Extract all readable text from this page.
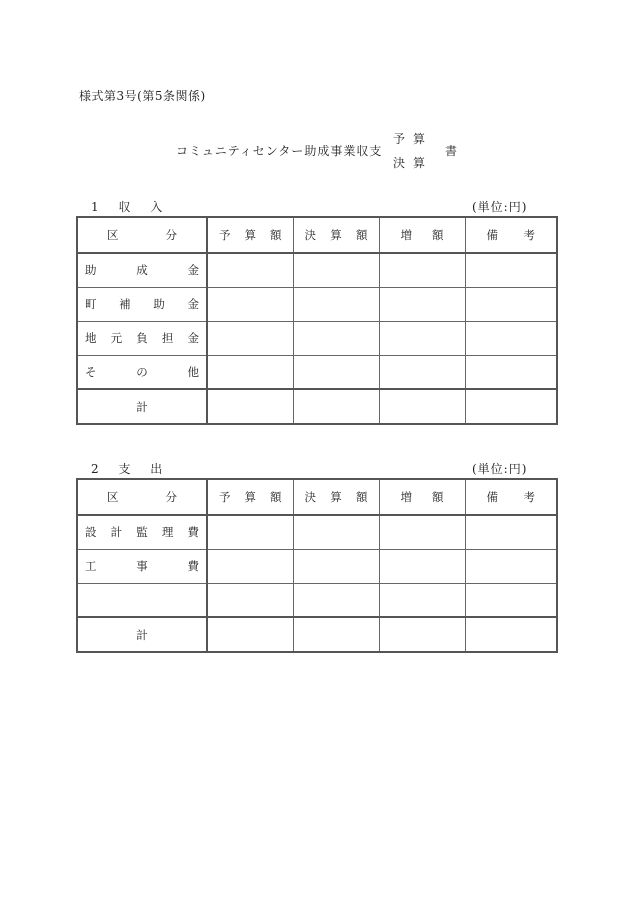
様式第3号(第5条関係)
コミュニティセンター助成事業収支
予算
決算
書
1 収 入	(単位:円)
区 分	予 算 額	決 算 額	増 額	備 考

助 成 金				

町 補 助 金				

地 元 負 担 金				

そ の 他				

計				
2 支 出	(単位:円)
区 分	予 算 額	決 算 額	増 額	備 考

設 計 監 理 費				

工 事 費				

計				
